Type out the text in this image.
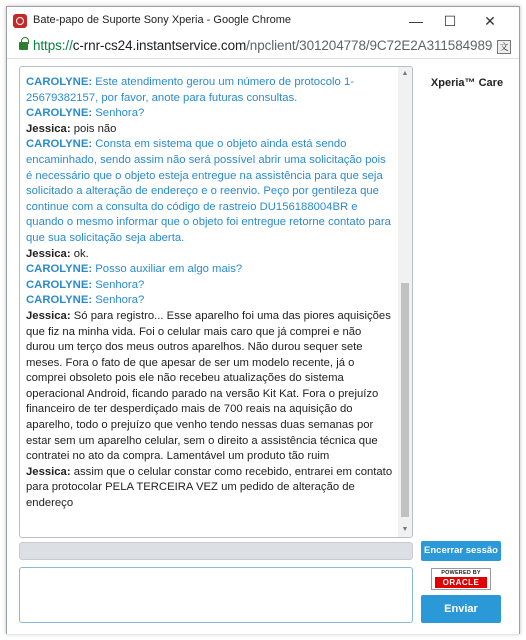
Bate-papo de Suporte Sony Xperia - Google Chrome	—	☐	✕
https://c-rnr-cs24.instantservice.com/npclient/301204778/9C72E2A311584989 文
CAROLYNE: Este atendimento gerou um número de protocolo 1-25679382157, por favor, anote para futuras consultas.
CAROLYNE: Senhora?
Jessica: pois não
CAROLYNE: Consta em sistema que o objeto ainda está sendo encaminhado, sendo assim não será possível abrir uma solicitação pois é necessário que o objeto esteja entregue na assistência para que seja solicitado a alteração de endereço e o reenvio. Peço por gentileza que continue com a consulta do código de rastreio DU156188004BR e quando o mesmo informar que o objeto foi entregue retorne contato para que sua solicitação seja aberta.
Jessica: ok.
CAROLYNE: Posso auxiliar em algo mais?
CAROLYNE: Senhora?
CAROLYNE: Senhora?
Jessica: Só para registro... Esse aparelho foi uma das piores aquisições que fiz na minha vida. Foi o celular mais caro que já comprei e não durou um terço dos meus outros aparelhos. Não durou sequer sete meses. Fora o fato de que apesar de ser um modelo recente, já o comprei obsoleto pois ele não recebeu atualizações do sistema operacional Android, ficando parado na versão Kit Kat. Fora o prejuízo financeiro de ter desperdiçado mais de 700 reais na aquisição do aparelho, todo o prejuízo que venho tendo nessas duas semanas por estar sem um aparelho celular, sem o direito a assistência técnica que contratei no ato da compra. Lamentável um produto tão ruim
Jessica: assim que o celular constar como recebido, entrarei em contato para protocolar PELA TERCEIRA VEZ um pedido de alteração de endereço
▲
▼
Xperia™ Care
Encerrar sessão
POWERED BY
ORACLE
Enviar
